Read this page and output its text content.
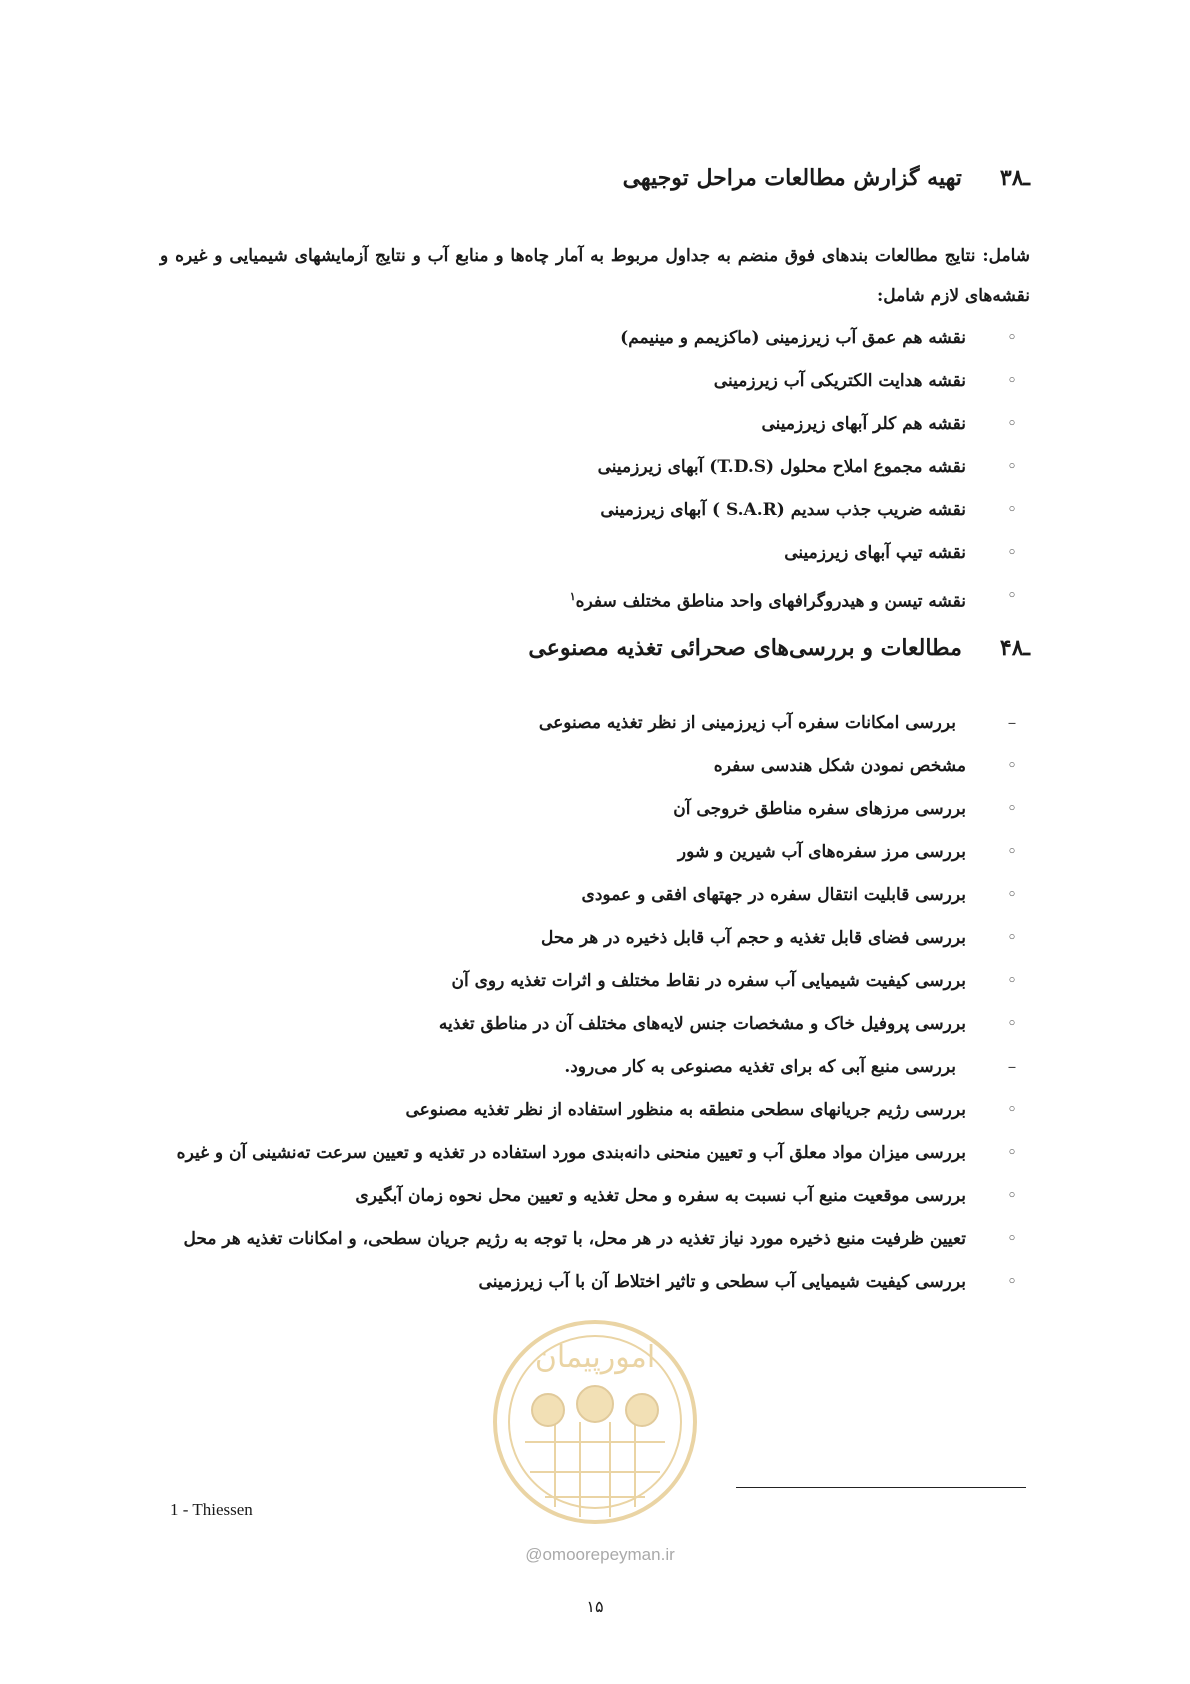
۳ـ۸
تهیه گزارش مطالعات مراحل توجیهی
شامل: نتایج مطالعات بندهای فوق منضم به جداول مربوط به آمار چاه‌ها و منابع آب و نتایج آزمایشهای شیمیایی و غیره و نقشه‌های لازم شامل:
◦
نقشه هم عمق آب زیرزمینی (ماکزیمم و مینیمم)
◦
نقشه هدایت الکتریکی آب زیرزمینی
◦
نقشه هم کلر آبهای زیرزمینی
◦
نقشه مجموع املاح محلول (T.D.S) آبهای زیرزمینی
◦
نقشه ضریب جذب سدیم (S.A.R ) آبهای زیرزمینی
◦
نقشه تیپ آبهای زیرزمینی
◦
نقشه تیسن و هیدروگرافهای واحد مناطق مختلف سفره$^۱$
۴ـ۸
مطالعات و بررسی‌های صحرائی تغذیه مصنوعی
–
بررسی امکانات سفره آب زیرزمینی از نظر تغذیه مصنوعی
◦
مشخص نمودن شکل هندسی سفره
◦
بررسی مرزهای سفره مناطق خروجی آن
◦
بررسی مرز سفره‌های آب شیرین و شور
◦
بررسی قابلیت انتقال سفره در جهتهای افقی و عمودی
◦
بررسی فضای قابل تغذیه و حجم آب قابل ذخیره در هر محل
◦
بررسی کیفیت شیمیایی آب سفره در نقاط مختلف و اثرات تغذیه روی آن
◦
بررسی پروفیل خاک و مشخصات جنس لایه‌های مختلف آن در مناطق تغذیه
–
بررسی منبع آبی که برای تغذیه مصنوعی به کار می‌رود.
◦
بررسی رژیم جریانهای سطحی منطقه به منظور استفاده از نظر تغذیه مصنوعی
◦
بررسی میزان مواد معلق آب و تعیین منحنی دانه‌بندی مورد استفاده در تغذیه و تعیین سرعت ته‌نشینی آن و غیره
◦
بررسی موقعیت منبع آب نسبت به سفره و محل تغذیه و تعیین محل نحوه زمان آبگیری
◦
تعیین ظرفیت منبع ذخیره مورد نیاز تغذیه در هر محل، با توجه به رژیم جریان سطحی، و امکانات تغذیه هر محل
◦
بررسی کیفیت شیمیایی آب سطحی و تاثیر اختلاط آن با آب زیرزمینی
امورپیمان
@omoorepeyman.ir
1 - Thiessen
۱۵
